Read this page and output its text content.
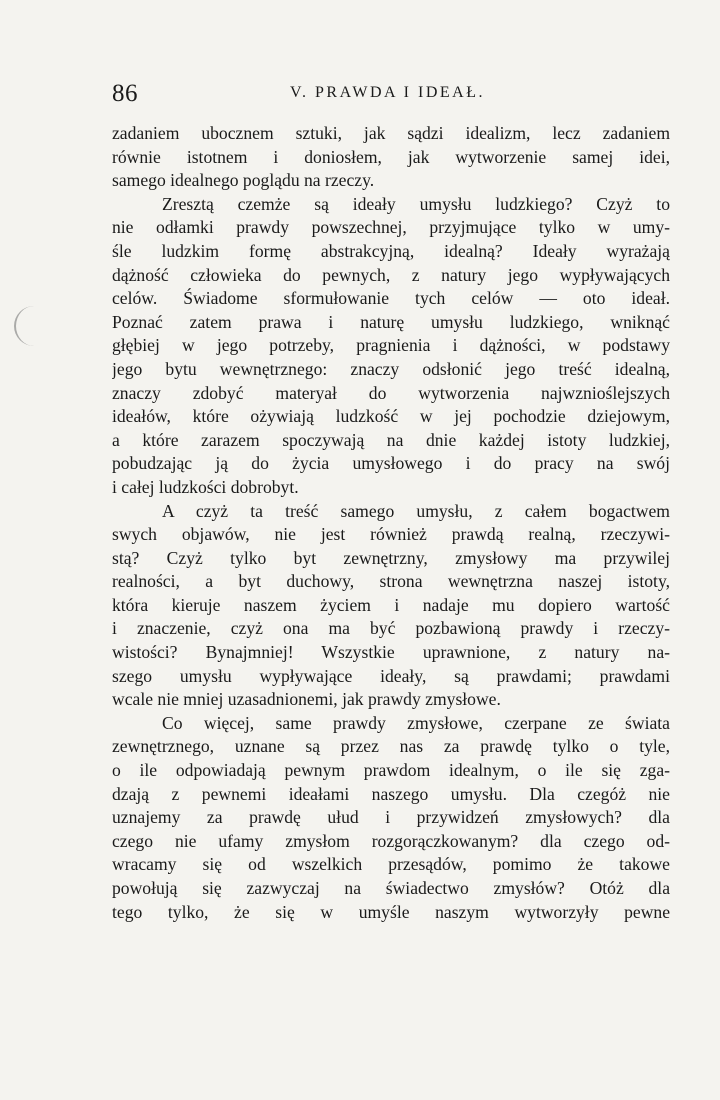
86	V. PRAWDA I IDEAŁ.
zadaniem ubocznem sztuki, jak sądzi idealizm, lecz zadaniem
równie istotnem i doniosłem, jak wytworzenie samej idei,
samego idealnego poglądu na rzeczy.
Zresztą czemże są ideały umysłu ludzkiego? Czyż to
nie odłamki prawdy powszechnej, przyjmujące tylko w umy-
śle ludzkim formę abstrakcyjną, idealną? Ideały wyrażają
dążność człowieka do pewnych, z natury jego wypływających
celów. Świadome sformułowanie tych celów — oto ideał.
Poznać zatem prawa i naturę umysłu ludzkiego, wniknąć
głębiej w jego potrzeby, pragnienia i dążności, w podstawy
jego bytu wewnętrznego: znaczy odsłonić jego treść idealną,
znaczy zdobyć materyał do wytworzenia najwznioślejszych
ideałów, które ożywiają ludzkość w jej pochodzie dziejowym,
a które zarazem spoczywają na dnie każdej istoty ludzkiej,
pobudzając ją do życia umysłowego i do pracy na swój
i całej ludzkości dobrobyt.
A czyż ta treść samego umysłu, z całem bogactwem
swych objawów, nie jest również prawdą realną, rzeczywi-
stą? Czyż tylko byt zewnętrzny, zmysłowy ma przywilej
realności, a byt duchowy, strona wewnętrzna naszej istoty,
która kieruje naszem życiem i nadaje mu dopiero wartość
i znaczenie, czyż ona ma być pozbawioną prawdy i rzeczy-
wistości? Bynajmniej! Wszystkie uprawnione, z natury na-
szego umysłu wypływające ideały, są prawdami; prawdami
wcale nie mniej uzasadnionemi, jak prawdy zmysłowe.
Co więcej, same prawdy zmysłowe, czerpane ze świata
zewnętrznego, uznane są przez nas za prawdę tylko o tyle,
o ile odpowiadają pewnym prawdom idealnym, o ile się zga-
dzają z pewnemi ideałami naszego umysłu. Dla czegóż nie
uznajemy za prawdę ułud i przywidzeń zmysłowych? dla
czego nie ufamy zmysłom rozgorączkowanym? dla czego od-
wracamy się od wszelkich przesądów, pomimo że takowe
powołują się zazwyczaj na świadectwo zmysłów? Otóż dla
tego tylko, że się w umyśle naszym wytworzyły pewne
